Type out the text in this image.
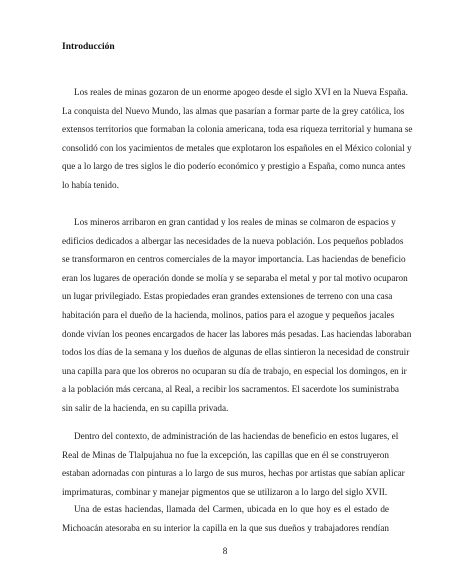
Introducción
Los reales de minas gozaron de un enorme apogeo desde el siglo XVI en la Nueva España.
La conquista del Nuevo Mundo, las almas que pasarían a formar parte de la grey católica, los
extensos territorios que formaban la colonia americana, toda esa riqueza territorial y humana se
consolidó con los yacimientos de metales que explotaron los españoles en el México colonial y
que a lo largo de tres siglos le dio poderío económico y prestigio a España, como nunca antes
lo había tenido.
Los mineros arribaron en gran cantidad y los reales de minas se colmaron de espacios y
edificios dedicados a albergar las necesidades de la nueva población. Los pequeños poblados
se transformaron en centros comerciales de la mayor importancia. Las haciendas de beneficio
eran los lugares de operación donde se molía y se separaba el metal y por tal motivo ocuparon
un lugar privilegiado. Estas propiedades eran grandes extensiones de terreno con una casa
habitación para el dueño de la hacienda, molinos, patios para el azogue y pequeños jacales
donde vivían los peones encargados de hacer las labores más pesadas. Las haciendas laboraban
todos los días de la semana y los dueños de algunas de ellas sintieron la necesidad de construir
una capilla para que los obreros no ocuparan su día de trabajo, en especial los domingos, en ir
a la población más cercana, al Real, a recibir los sacramentos. El sacerdote los suministraba
sin salir de la hacienda, en su capilla privada.
Dentro del contexto, de administración de las haciendas de beneficio en estos lugares, el
Real de Minas de Tlalpujahua no fue la excepción, las capillas que en él se construyeron
estaban adornadas con pinturas a lo largo de sus muros, hechas por artistas que sabían aplicar
imprimaturas, combinar y manejar pigmentos que se utilizaron a lo largo del siglo XVII.
Una de estas haciendas, llamada del Carmen, ubicada en lo que hoy es el estado de
Michoacán atesoraba en su interior la capilla en la que sus dueños y trabajadores rendían
8
